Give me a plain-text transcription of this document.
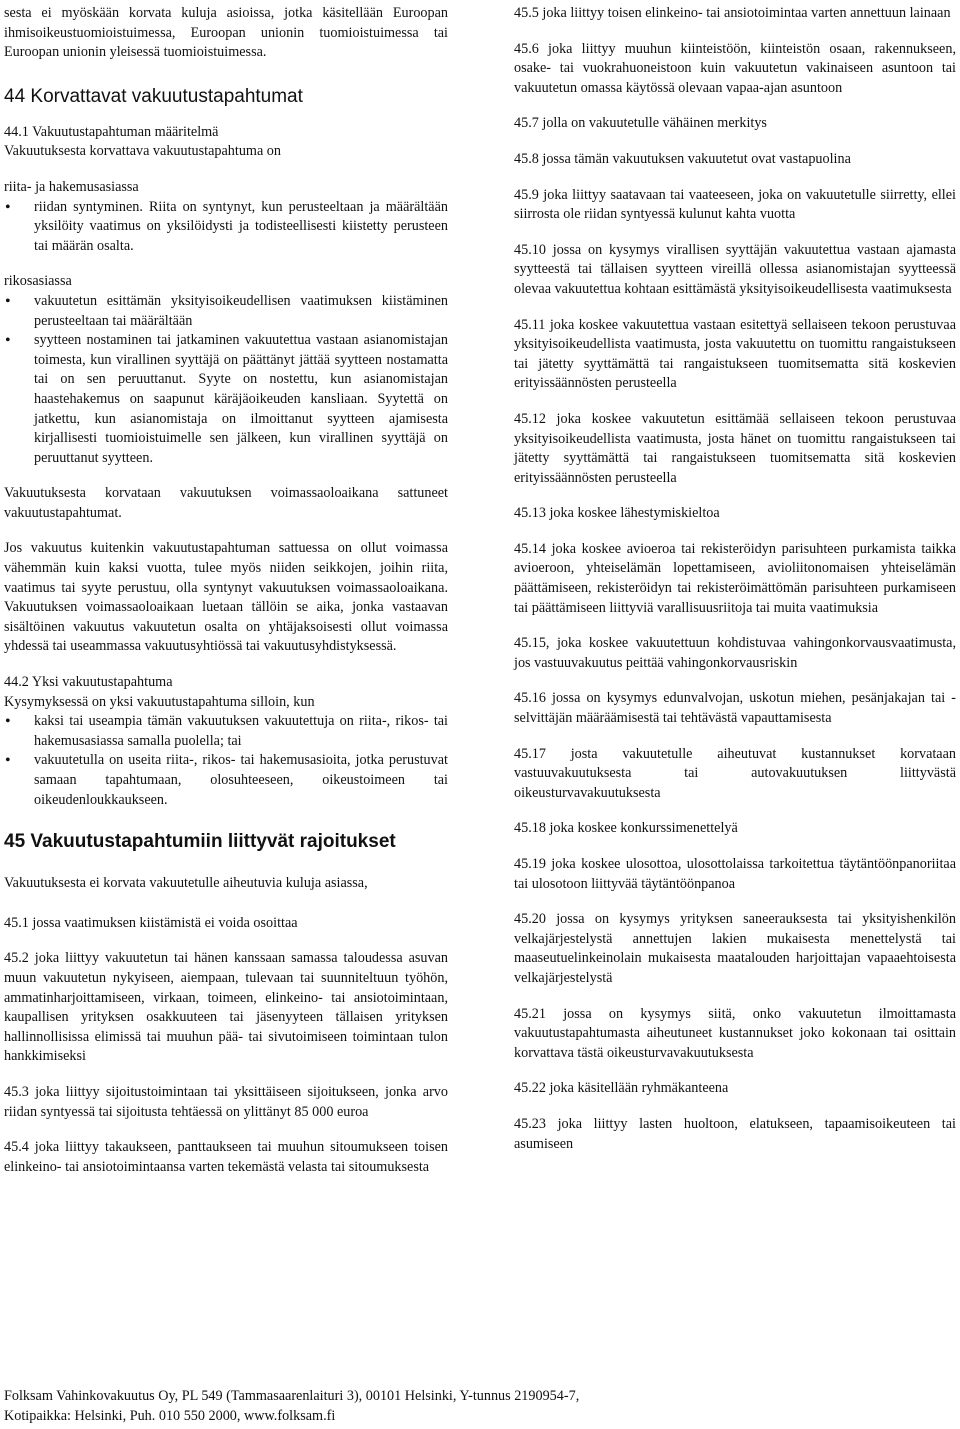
sesta ei myöskään korvata kuluja asioissa, jotka käsitellään Euroopan ihmisoikeustuomioistuimessa, Euroopan unionin tuomioistuimessa tai Euroopan unionin yleisessä tuomioistuimessa.

44 Korvattavat vakuutustapahtumat

44.1 Vakuutustapahtuman määritelmä

Vakuutuksesta korvattava vakuutustapahtuma on

riita- ja hakemusasiassa

• riidan syntyminen. Riita on syntynyt, kun perusteeltaan ja määrältään yksilöity vaatimus on yksilöidysti ja todisteellisesti kiistetty perusteen tai määrän osalta.

rikosasiassa

• vakuutetun esittämän yksityisoikeudellisen vaatimuksen kiistäminen perusteeltaan tai määrältään
• syytteen nostaminen tai jatkaminen vakuutettua vastaan asianomistajan toimesta, kun virallinen syyttäjä on päättänyt jättää syytteen nostamatta tai on sen peruuttanut. Syyte on nostettu, kun asianomistajan haastehakemus on saapunut käräjäoikeuden kansliaan. Syytettä on jatkettu, kun asianomistaja on ilmoittanut syytteen ajamisesta kirjallisesti tuomioistuimelle sen jälkeen, kun virallinen syyttäjä on peruuttanut syytteen.

Vakuutuksesta korvataan vakuutuksen voimassaoloaikana sattuneet vakuutustapahtumat.

Jos vakuutus kuitenkin vakuutustapahtuman sattuessa on ollut voimassa vähemmän kuin kaksi vuotta, tulee myös niiden seikkojen, joihin riita, vaatimus tai syyte perustuu, olla syntynyt vakuutuksen voimassaoloaikana. Vakuutuksen voimassaoloaikaan luetaan tällöin se aika, jonka vastaavan sisältöinen vakuutus vakuutetun osalta on yhtäjaksoisesti ollut voimassa yhdessä tai useammassa vakuutusyhtiössä tai vakuutusyhdistyksessä.

44.2 Yksi vakuutustapahtuma

Kysymyksessä on yksi vakuutustapahtuma silloin, kun

• kaksi tai useampia tämän vakuutuksen vakuutettuja on riita-, rikos- tai hakemusasiassa samalla puolella; tai
• vakuutetulla on useita riita-, rikos- tai hakemusasioita, jotka perustuvat samaan tapahtumaan, olosuhteeseen, oikeustoimeen tai oikeudenloukkaukseen.
45 Vakuutustapahtumiin liittyvät rajoitukset

Vakuutuksesta ei korvata vakuutetulle aiheutuvia kuluja asiassa,

45.1 jossa vaatimuksen kiistämistä ei voida osoittaa

45.2 joka liittyy vakuutetun tai hänen kanssaan samassa taloudessa asuvan muun vakuutetun nykyiseen, aiempaan, tulevaan tai suunniteltuun työhön, ammatinharjoittamiseen, virkaan, toimeen, elinkeino- tai ansiotoimintaan, kaupallisen yrityksen osakkuuteen tai jäsenyyteen tällaisen yrityksen hallinnollisissa elimissä tai muuhun pää- tai sivutoimiseen toimintaan tulon hankkimiseksi

45.3 joka liittyy sijoitustoimintaan tai yksittäiseen sijoitukseen, jonka arvo riidan syntyessä tai sijoitusta tehtäessä on ylittänyt 85 000 euroa

45.4 joka liittyy takaukseen, panttaukseen tai muuhun sitoumukseen toisen elinkeino- tai ansiotoimintaansa varten tekemästä velasta tai sitoumuksesta

45.5 joka liittyy toisen elinkeino- tai ansiotoimintaa varten annettuun lainaan

45.6 joka liittyy muuhun kiinteistöön, kiinteistön osaan, rakennukseen, osake- tai vuokrahuoneistoon kuin vakuutetun vakinaiseen asuntoon tai vakuutetun omassa käytössä olevaan vapaa-ajan asuntoon

45.7 jolla on vakuutetulle vähäinen merkitys

45.8 jossa tämän vakuutuksen vakuutetut ovat vastapuolina

45.9 joka liittyy saatavaan tai vaateeseen, joka on vakuutetulle siirretty, ellei siirrosta ole riidan syntyessä kulunut kahta vuotta

45.10 jossa on kysymys virallisen syyttäjän vakuutettua vastaan ajamasta syytteestä tai tällaisen syytteen vireillä ollessa asianomistajan syytteessä olevaa vakuutettua kohtaan esittämästä yksityisoikeudellisesta vaatimuksesta

45.11 joka koskee vakuutettua vastaan esitettyä sellaiseen tekoon perustuvaa yksityisoikeudellista vaatimusta, josta vakuutettu on tuomittu rangaistukseen tai jätetty syyttämättä tai rangaistukseen tuomitsematta sitä koskevien erityissäännösten perusteella

45.12 joka koskee vakuutetun esittämää sellaiseen tekoon perustuvaa yksityisoikeudellista vaatimusta, josta hänet on tuomittu rangaistukseen tai jätetty syyttämättä tai rangaistukseen tuomitsematta sitä koskevien erityissäännösten perusteella

45.13 joka koskee lähestymiskieltoa

45.14 joka koskee avioeroa tai rekisteröidyn parisuhteen purkamista taikka avioeroon, yhteiselämän lopettamiseen, avioliitonomaisen yhteiselämän päättämiseen, rekisteröidyn tai rekisteröimättömän parisuhteen purkamiseen tai päättämiseen liittyviä varallisuusriitoja tai muita vaatimuksia

45.15, joka koskee vakuutettuun kohdistuvaa vahingonkorvausvaatimusta, jos vastuuvakuutus peittää vahingonkorvausriskin

45.16 jossa on kysymys edunvalvojan, uskotun miehen, pesänjakajan tai -selvittäjän määräämisestä tai tehtävästä vapauttamisesta

45.17 josta vakuutetulle aiheutuvat kustannukset korvataan vastuuvakuutuksesta tai autovakuutuksen liittyvästä oikeusturvavakuutuksesta

45.18 joka koskee konkurssimenettelyä

45.19 joka koskee ulosottoa, ulosottolaissa tarkoitettua täytäntöönpanoriitaa tai ulosotoon liittyvää täytäntöönpanoa

45.20 jossa on kysymys yrityksen saneerauksesta tai yksityishenkilön velkajärjestelystä annettujen lakien mukaisesta menettelystä tai maaseutuelinkeinolain mukaisesta maatalouden harjoittajan vapaaehtoisesta velkajärjestelystä

45.21 jossa on kysymys siitä, onko vakuutetun ilmoittamasta vakuutustapahtumasta aiheutuneet kustannukset joko kokonaan tai osittain korvattava tästä oikeusturvavakuutuksesta

45.22 joka käsitellään ryhmäkanteena

45.23 joka liittyy lasten huoltoon, elatukseen, tapaamisoikeuteen tai asumiseen

Folksam Vahinkovakuutus Oy, PL 549 (Tammasaarenlaituri 3), 00101 Helsinki, Y-tunnus 2190954-7,
Kotipaikka: Helsinki, Puh. 010 550 2000, www.folksam.fi
